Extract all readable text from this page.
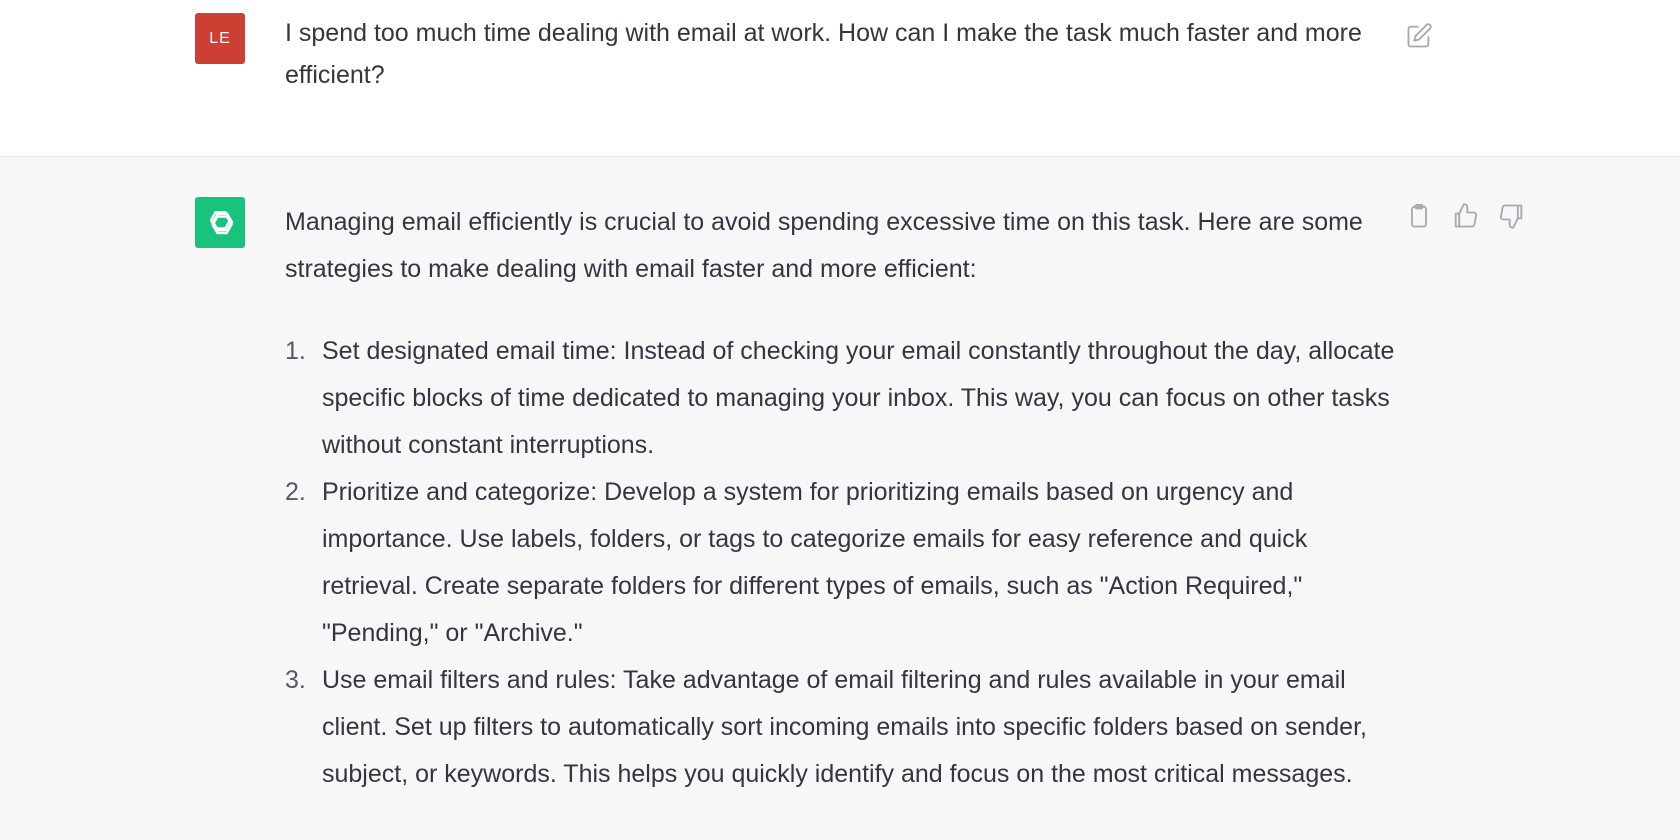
LE I spend too much time dealing with email at work. How can I make the task much faster and more efficient?

Managing email efficiently is crucial to avoid spending excessive time on this task. Here are some strategies to make dealing with email faster and more efficient:

1. Set designated email time: Instead of checking your email constantly throughout the day, allocate specific blocks of time dedicated to managing your inbox. This way, you can focus on other tasks without constant interruptions.
2. Prioritize and categorize: Develop a system for prioritizing emails based on urgency and importance. Use labels, folders, or tags to categorize emails for easy reference and quick retrieval. Create separate folders for different types of emails, such as "Action Required," "Pending," or "Archive."
3. Use email filters and rules: Take advantage of email filtering and rules available in your email client. Set up filters to automatically sort incoming emails into specific folders based on sender, subject, or keywords. This helps you quickly identify and focus on the most critical messages.
